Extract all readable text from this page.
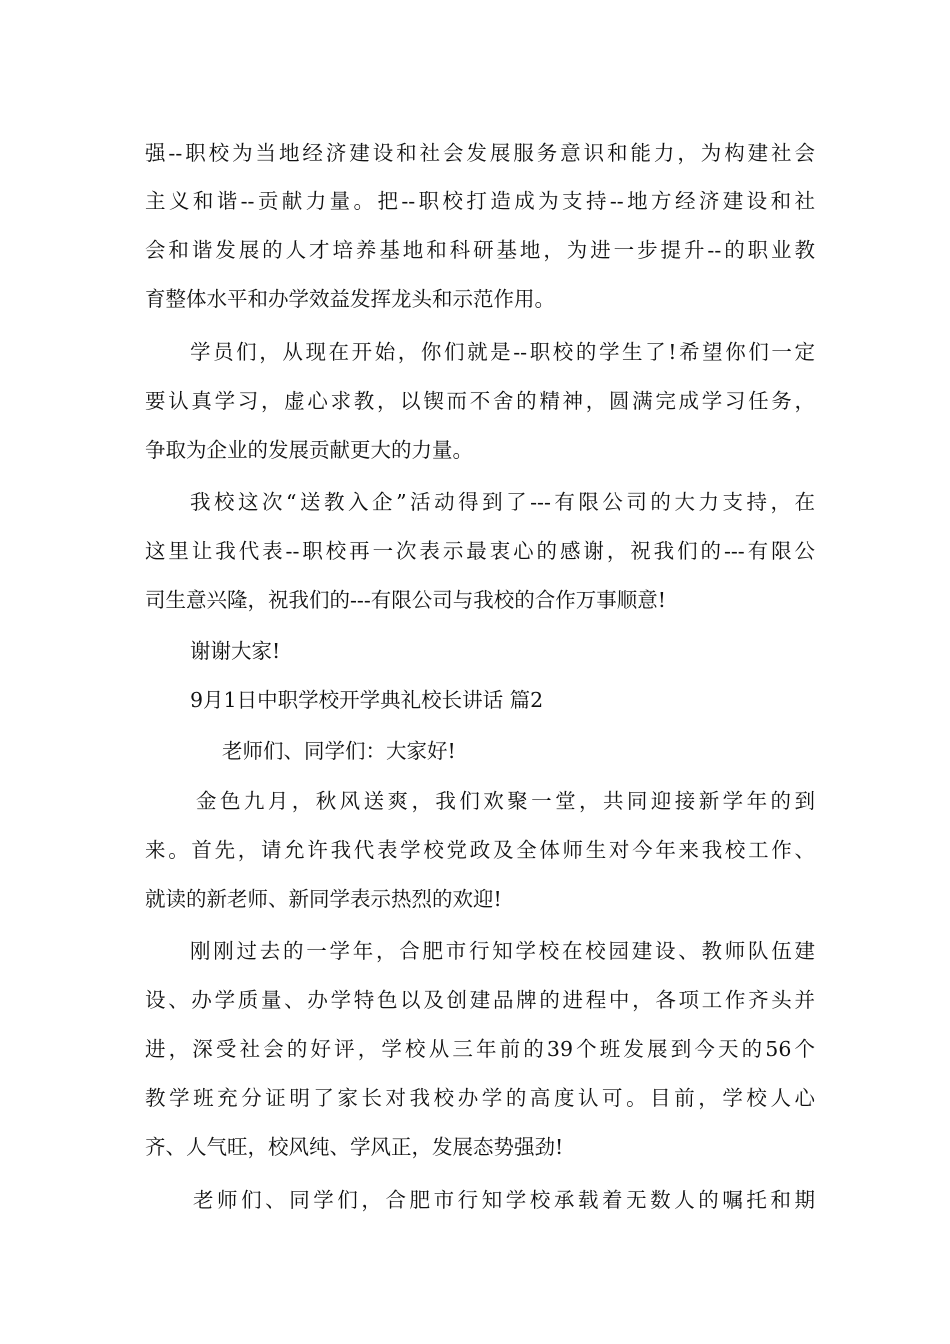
强--职校为当地经济建设和社会发展服务意识和能力，为构建社会
主义和谐--贡献力量。把--职校打造成为支持--地方经济建设和社
会和谐发展的人才培养基地和科研基地，为进一步提升--的职业教
育整体水平和办学效益发挥龙头和示范作用。
学员们，从现在开始，你们就是--职校的学生了!希望你们一定
要认真学习，虚心求教，以锲而不舍的精神，圆满完成学习任务，
争取为企业的发展贡献更大的力量。
我校这次“送教入企”活动得到了---有限公司的大力支持，在
这里让我代表--职校再一次表示最衷心的感谢，祝我们的---有限公
司生意兴隆，祝我们的---有限公司与我校的合作万事顺意!
谢谢大家!
9月1日中职学校开学典礼校长讲话 篇2
老师们、同学们：大家好!
金色九月，秋风送爽，我们欢聚一堂，共同迎接新学年的到
来。首先，请允许我代表学校党政及全体师生对今年来我校工作、
就读的新老师、新同学表示热烈的欢迎!
刚刚过去的一学年，合肥市行知学校在校园建设、教师队伍建
设、办学质量、办学特色以及创建品牌的进程中，各项工作齐头并
进，深受社会的好评，学校从三年前的39个班发展到今天的56个
教学班充分证明了家长对我校办学的高度认可。目前，学校人心
齐、人气旺，校风纯、学风正，发展态势强劲!
老师们、同学们，合肥市行知学校承载着无数人的嘱托和期
